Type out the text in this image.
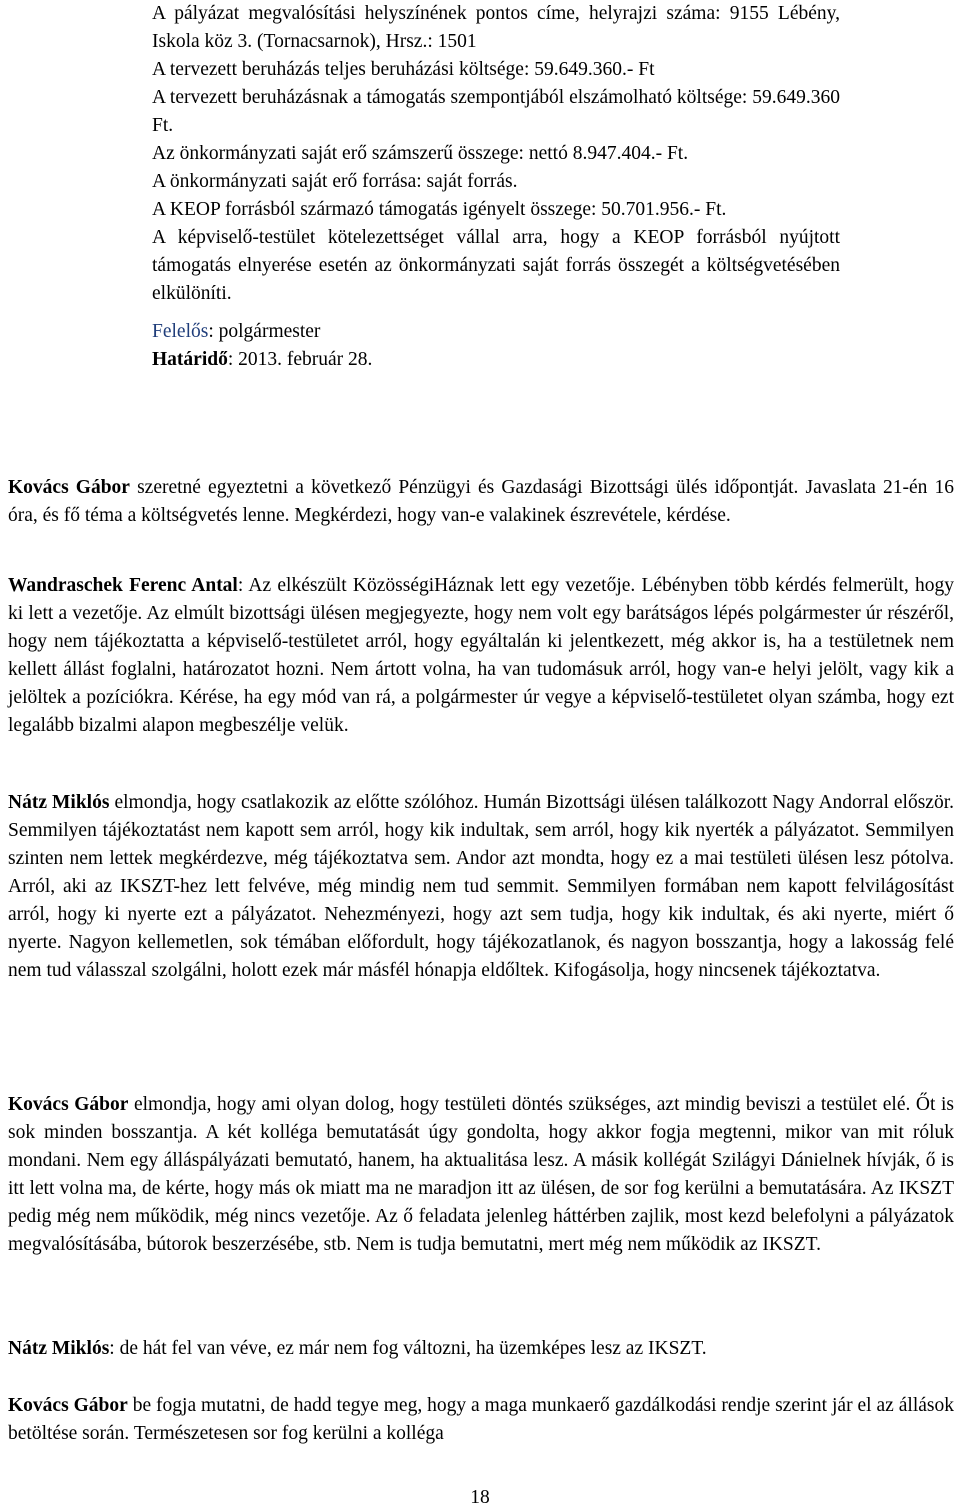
A pályázat megvalósítási helyszínének pontos címe, helyrajzi száma: 9155 Lébény, Iskola köz 3. (Tornacsarnok), Hrsz.: 1501

A tervezett beruházás teljes beruházási költsége: 59.649.360.- Ft

A tervezett beruházásnak a támogatás szempontjából elszámolható költsége: 59.649.360 Ft.

Az önkormányzati saját erő számszerű összege: nettó 8.947.404.- Ft.

A önkormányzati saját erő forrása: saját forrás.

A KEOP forrásból származó támogatás igényelt összege: 50.701.956.- Ft.

A képviselő-testület kötelezettséget vállal arra, hogy a KEOP forrásból nyújtott támogatás elnyerése esetén az önkormányzati saját forrás összegét a költségvetésében elkülöníti.

Felelős: polgármester

Határidő: 2013. február 28.

Kovács Gábor szeretné egyeztetni a következő Pénzügyi és Gazdasági Bizottsági ülés időpontját. Javaslata 21-én 16 óra, és fő téma a költségvetés lenne. Megkérdezi, hogy van-e valakinek észrevétele, kérdése.

Wandraschek Ferenc Antal: Az elkészült KözösségiHáznak lett egy vezetője. Lébényben több kérdés felmerült, hogy ki lett a vezetője. Az elmúlt bizottsági ülésen megjegyezte, hogy nem volt egy barátságos lépés polgármester úr részéről, hogy nem tájékoztatta a képviselő-testületet arról, hogy egyáltalán ki jelentkezett, még akkor is, ha a testületnek nem kellett állást foglalni, határozatot hozni. Nem ártott volna, ha van tudomásuk arról, hogy van-e helyi jelölt, vagy kik a jelöltek a pozíciókra. Kérése, ha egy mód van rá, a polgármester úr vegye a képviselő-testületet olyan számba, hogy ezt legalább bizalmi alapon megbeszélje velük.

Nátz Miklós elmondja, hogy csatlakozik az előtte szólóhoz. Humán Bizottsági ülésen találkozott Nagy Andorral először. Semmilyen tájékoztatást nem kapott sem arról, hogy kik indultak, sem arról, hogy kik nyerték a pályázatot. Semmilyen szinten nem lettek megkérdezve, még tájékoztatva sem. Andor azt mondta, hogy ez a mai testületi ülésen lesz pótolva. Arról, aki az IKSZT-hez lett felvéve, még mindig nem tud semmit. Semmilyen formában nem kapott felvilágosítást arról, hogy ki nyerte ezt a pályázatot. Nehezményezi, hogy azt sem tudja, hogy kik indultak, és aki nyerte, miért ő nyerte. Nagyon kellemetlen, sok témában előfordult, hogy tájékozatlanok, és nagyon bosszantja, hogy a lakosság felé nem tud válasszal szolgálni, holott ezek már másfél hónapja eldőltek. Kifogásolja, hogy nincsenek tájékoztatva.

Kovács Gábor elmondja, hogy ami olyan dolog, hogy testületi döntés szükséges, azt mindig beviszi a testület elé. Őt is sok minden bosszantja. A két kolléga bemutatását úgy gondolta, hogy akkor fogja megtenni, mikor van mit róluk mondani. Nem egy álláspályázati bemutató, hanem, ha aktualitása lesz. A másik kollégát Szilágyi Dánielnek hívják, ő is itt lett volna ma, de kérte, hogy más ok miatt ma ne maradjon itt az ülésen, de sor fog kerülni a bemutatására. Az IKSZT pedig még nem működik, még nincs vezetője. Az ő feladata jelenleg háttérben zajlik, most kezd belefolyni a pályázatok megvalósításába, bútorok beszerzésébe, stb. Nem is tudja bemutatni, mert még nem működik az IKSZT.

Nátz Miklós: de hát fel van véve, ez már nem fog változni, ha üzemképes lesz az IKSZT.

Kovács Gábor be fogja mutatni, de hadd tegye meg, hogy a maga munkaerő gazdálkodási rendje szerint jár el az állások betöltése során. Természetesen sor fog kerülni a kollégа

18
